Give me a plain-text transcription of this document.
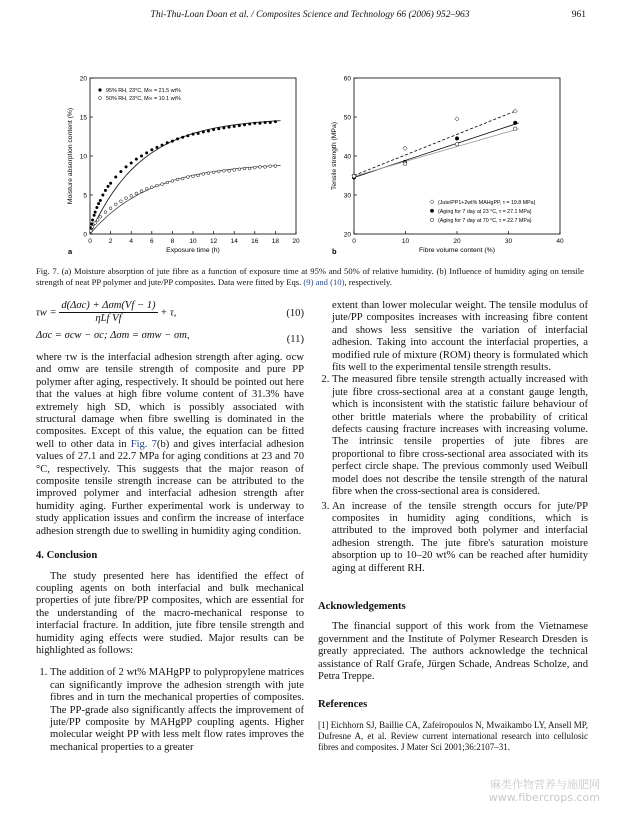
Thi-Thu-Loan Doan et al. / Composites Science and Technology 66 (2006) 952–963	961
0	2	4	6	8 10 12 14 16 18 20
0
5
10
15
20
Exposure time (h)
Moisture absorption content (%)
a
95% RH, 23°C, M∞ = 21.5 wt%
50% RH, 23°C, M∞ = 10.1 wt%
0	10	20	30	40
20
30
40
50
60
Fibre volume content (%)
Tensile strength (MPa)
b
(Jute/PP1+2wt% MAHgPP, τ = 19.8 MPa)
(Aging for 7 day at 23 °C, τ = 27.1 MPa)
(Aging for 7 day at 70 °C, τ = 22.7 MPa)
Fig. 7. (a) Moisture absorption of jute fibre as a function of exposure time at 95% and 50% of relative humidity. (b) Influence of humidity aging on tensile strength of neat PP polymer and jute/PP composites. Data were fitted by Eqs. (9) and (10), respectively.
$\tau w = \frac{\text{d(Δσc) + Δσm(Vf − 1)}}{\text{ηLf Vf}} + \tau$,	(10)
Δσc = σcw − σc; Δσm = σmw − σm,	(11)

where τw is the interfacial adhesion strength after aging. σcw and σmw are tensile strength of composite and pure PP polymer after aging, respectively. It should be pointed out here that the values at high fibre volume content of 31.3% have extremely high SD, which is possibly associated with structural damage when fibre swelling is dominated in the composites. Except of this value, the equation can be fitted well to other data in Fig. 7(b) and gives interfacial adhesion values of 27.1 and 22.7 MPa for aging conditions at 23 and 70 °C, respectively. This suggests that the major reason of composite tensile strength increase can be attributed to the improved polymer and interfacial adhesion strength after humidity aging. Further experimental work is underway to study application issues and confirm the increase of interface adhesion strength due to swelling in humidity aging condition.

4. Conclusion

The study presented here has identified the effect of coupling agents on both interfacial and bulk mechanical properties of jute fibre/PP composites, which are essential for the understanding of the macro-mechanical response to interfacial fracture. In addition, jute fibre tensile strength and humidity aging effects were studied. Major results can be highlighted as follows:

1. The addition of 2 wt% MAHgPP to polypropylene matrices can significantly improve the adhesion strength with jute fibres and in turn the mechanical properties of composites. The PP-grade also significantly affects the improvement of jute/PP composite by MAHgPP coupling agents. Higher molecular weight PP with less melt flow rates improves the mechanical properties to a greater

extent than lower molecular weight. The tensile modulus of jute/PP composites increases with increasing fibre content and shows less sensitive the variation of interfacial adhesion. Taking into account the interfacial properties, a modified rule of mixture (ROM) theory is formulated which fits well to the experimental tensile strength results.

2. The measured fibre tensile strength actually increased with jute fibre cross-sectional area at a constant gauge length, which is inconsistent with the statistic failure behaviour of other brittle materials where the probability of critical defects causing fracture increases with increasing volume. The intrinsic tensile properties of jute fibres are proportional to fibre cross-sectional area associated with its perfect circle shape. The previous commonly used Weibull model does not describe the tensile strength of the natural fibre when the cross-sectional area is considered.
3. An increase of the tensile strength occurs for jute/PP composites in humidity aging conditions, which is attributed to the improved both polymer and interfacial adhesion strength. The jute fibre's saturation moisture absorption up to 10–20 wt% can be reached after humidity aging at different RH.
Acknowledgements

The financial support of this work from the Vietnamese government and the Institute of Polymer Research Dresden is greatly appreciated. The authors acknowledge the technical assistance of Ralf Grafe, Jürgen Schade, Andreas Scholze, and Petra Treppe.

References

[1] Eichhorn SJ, Baillie CA, Zafeiropoulos N, Mwaikambo LY, Ansell MP, Dufresne A, et al. Review current international research into cellulosic fibres and composites. J Mater Sci 2001;36:2107–31.

麻类作物营养与施肥网
www.fibercrops.com
